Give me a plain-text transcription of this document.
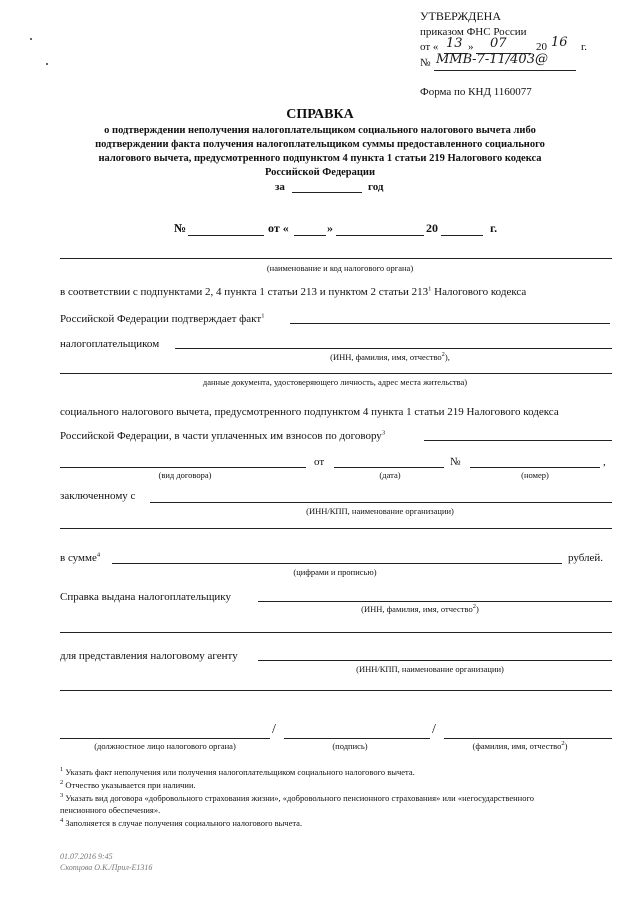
УТВЕРЖДЕНА
приказом ФНС России
от « 13 » 07	20 16 г.
№ ММВ-7-11/403@
Форма по КНД 1160077
СПРАВКА
о подтверждении неполучения налогоплательщиком социального налогового вычета либо
подтверждении факта получения налогоплательщиком суммы предоставленного социального
налогового вычета, предусмотренного подпунктом 4 пункта 1 статьи 219 Налогового кодекса
Российской Федерации
за	год
№	от «	»	20	г.
(наименование и код налогового органа)
в соответствии с подпунктами 2, 4 пункта 1 статьи 213 и пунктом 2 статьи $213^1$ Налогового кодекса
Российской Федерации подтверждает факт$^1$
налогоплательщиком
(ИНН, фамилия, имя, отчество$^2$),
данные документа, удостоверяющего личность, адрес места жительства)
социального налогового вычета, предусмотренного подпунктом 4 пункта 1 статьи 219 Налогового кодекса
Российской Федерации, в части уплаченных им взносов по договору$^3$
от	№	,
(вид договора)	(дата)	(номер)
заключенному с
(ИНН/КПП, наименование организации)
в сумме$^4$	рублей.
(цифрами и прописью)
Справка выдана налогоплательщику
(ИНН, фамилия, имя, отчество$^2$)
для представления налоговому агенту
(ИНН/КПП, наименование организации)
/	/
(должностное лицо налогового органа)	(подпись)	(фамилия, имя, отчество$^2$)
$^1$ Указать факт неполучения или получения налогоплательщиком социального налогового вычета.
$^2$ Отчество указывается при наличии.
$^3$ Указать вид договора «добровольного страхования жизни», «добровольного пенсионного страхования» или «негосударственного
пенсионного обеспечения».
$^4$ Заполняется в случае получения социального налогового вычета.
01.07.2016 9:45
Скопцова О.К./Прил-E1316
